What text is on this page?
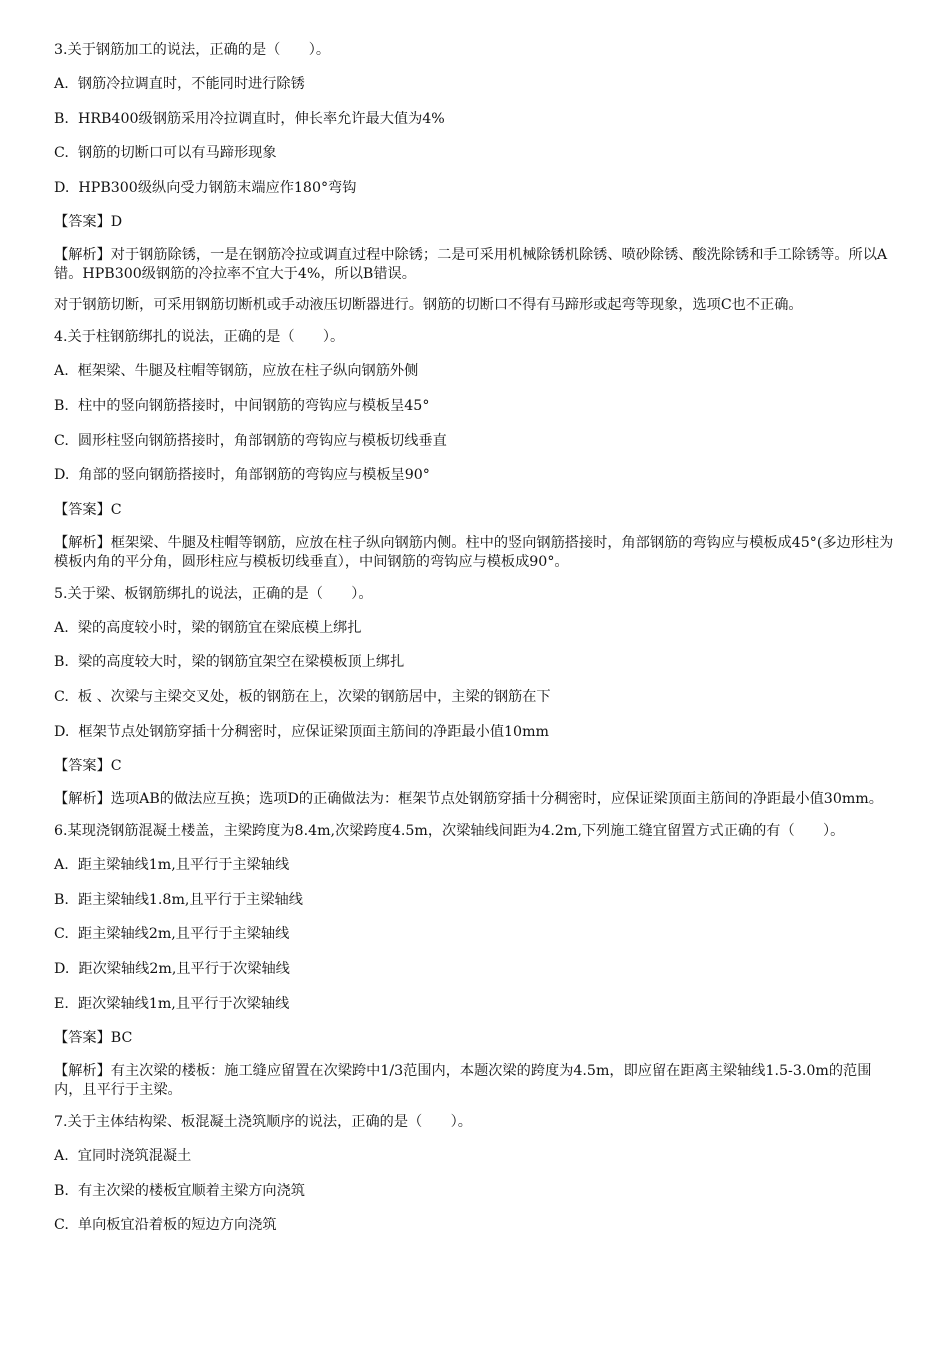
3.关于钢筋加工的说法，正确的是（　　）。

A.  钢筋冷拉调直时，不能同时进行除锈

B.  HRB400级钢筋采用冷拉调直时，伸长率允许最大值为4%

C.  钢筋的切断口可以有马蹄形现象

D.  HPB300级纵向受力钢筋末端应作180°弯钩

【答案】D

【解析】对于钢筋除锈，一是在钢筋冷拉或调直过程中除锈；二是可采用机械除锈机除锈、喷砂除锈、酸洗除锈和手工除锈等。所以A错。HPB300级钢筋的冷拉率不宜大于4%，所以B错误。

对于钢筋切断，可采用钢筋切断机或手动液压切断器进行。钢筋的切断口不得有马蹄形或起弯等现象，选项C也不正确。

4.关于柱钢筋绑扎的说法，正确的是（　　）。

A.  框架梁、牛腿及柱帽等钢筋，应放在柱子纵向钢筋外侧

B.  柱中的竖向钢筋搭接时，中间钢筋的弯钩应与模板呈45°

C.  圆形柱竖向钢筋搭接时，角部钢筋的弯钩应与模板切线垂直

D.  角部的竖向钢筋搭接时，角部钢筋的弯钩应与模板呈90°

【答案】C

【解析】框架梁、牛腿及柱帽等钢筋，应放在柱子纵向钢筋内侧。柱中的竖向钢筋搭接时，角部钢筋的弯钩应与模板成45°(多边形柱为模板内角的平分角，圆形柱应与模板切线垂直），中间钢筋的弯钩应与模板成90°。

5.关于梁、板钢筋绑扎的说法，正确的是（　　）。

A.  梁的高度较小时，梁的钢筋宜在梁底模上绑扎

B.  梁的高度较大时，梁的钢筋宜架空在梁模板顶上绑扎

C.  板 、次梁与主梁交叉处，板的钢筋在上，次梁的钢筋居中，主梁的钢筋在下

D.  框架节点处钢筋穿插十分稠密时，应保证梁顶面主筋间的净距最小值10mm

【答案】C

【解析】选项AB的做法应互换；选项D的正确做法为：框架节点处钢筋穿插十分稠密时，应保证梁顶面主筋间的净距最小值30mm。

6.某现浇钢筋混凝土楼盖，主梁跨度为8.4m,次梁跨度4.5m，次梁轴线间距为4.2m,下列施工缝宜留置方式正确的有（　　）。

A.  距主梁轴线1m,且平行于主梁轴线

B.  距主梁轴线1.8m,且平行于主梁轴线

C.  距主梁轴线2m,且平行于主梁轴线

D.  距次梁轴线2m,且平行于次梁轴线

E.  距次梁轴线1m,且平行于次梁轴线

【答案】BC

【解析】有主次梁的楼板：施工缝应留置在次梁跨中1/3范围内，本题次梁的跨度为4.5m，即应留在距离主梁轴线1.5-3.0m的范围内，且平行于主梁。

7.关于主体结构梁、板混凝土浇筑顺序的说法，正确的是（　　）。

A.  宜同时浇筑混凝土

B.  有主次梁的楼板宜顺着主梁方向浇筑

C.  单向板宜沿着板的短边方向浇筑
